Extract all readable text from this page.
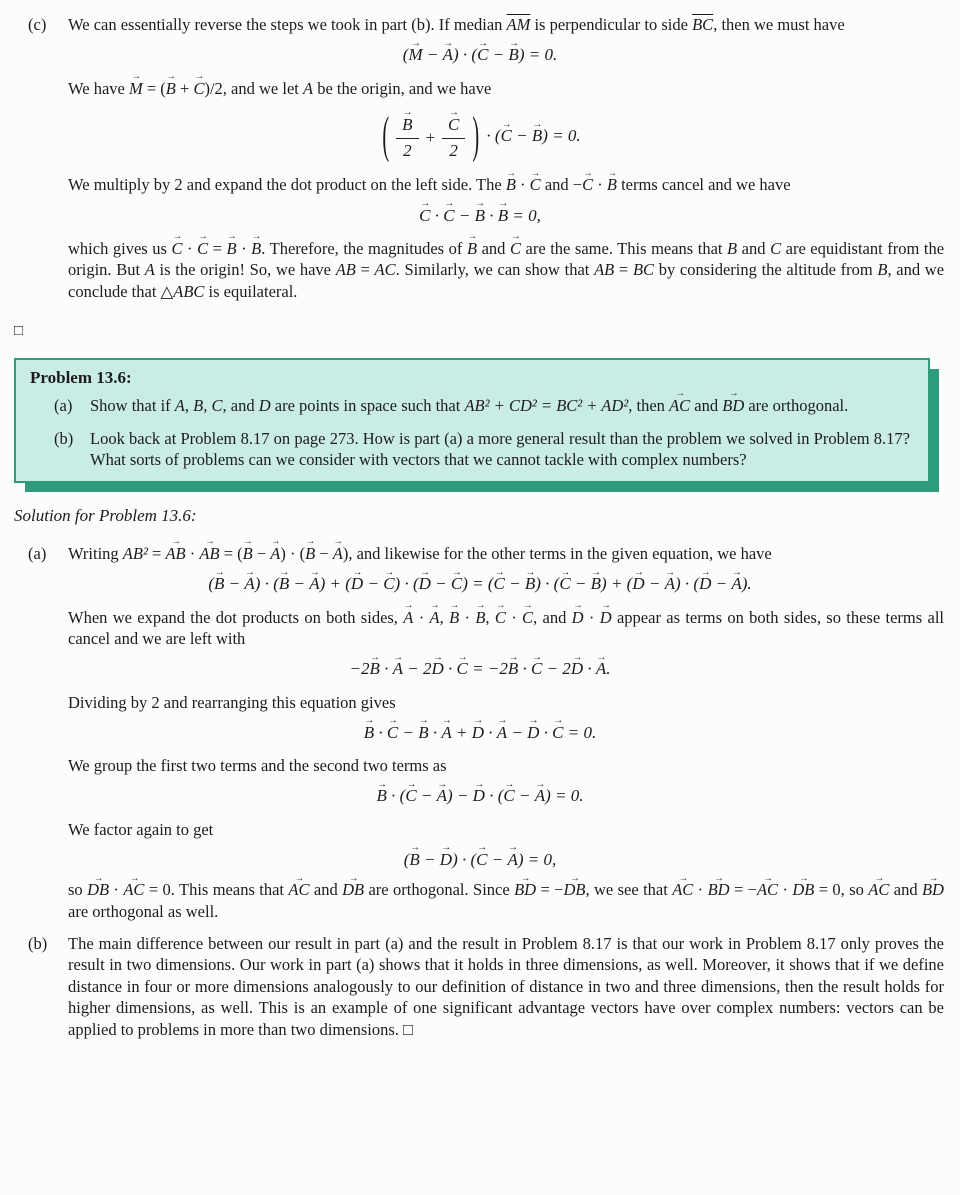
(c) We can essentially reverse the steps we took in part (b). If median $\overline{AM}$ is perpendicular to side $\overline{BC}$, then we must have
(M → − A →) · (C → − B →) = 0.
We have M → = (B → + C →)/2, and we let A be the origin, and we have
( $\frac{B \to}{2} + \frac{C \to}{2}$ ) · (C → − B →) = 0.
We multiply by 2 and expand the dot product on the left side. The B → · C → and −C → · B → terms cancel and we have
C → · C → − B → · B → = 0,
which gives us C → · C → = B → · B →. Therefore, the magnitudes of B → and C → are the same. This means that B and C are equidistant from the origin. But A is the origin! So, we have AB = AC. Similarly, we can show that AB = BC by considering the altitude from B, and we conclude that △ABC is equilateral.
□
Problem 13.6:
(a) Show that if A, B, C, and D are points in space such that AB² + CD² = BC² + AD², then AC → and BD → are orthogonal.
(b) Look back at Problem 8.17 on page 273. How is part (a) a more general result than the problem we solved in Problem 8.17? What sorts of problems can we consider with vectors that we cannot tackle with complex numbers?
Solution for Problem 13.6:
(a) Writing AB² = AB → · AB → = (B → − A →) · (B → − A →), and likewise for the other terms in the given equation, we have
(B → − A →) · (B → − A →) + (D → − C →) · (D → − C →) = (C → − B →) · (C → − B →) + (D → − A →) · (D → − A →).
When we expand the dot products on both sides, A → · A →, B → · B →, C → · C →, and D → · D → appear as terms on both sides, so these terms all cancel and we are left with
−2B → · A → − 2D → · C → = −2B → · C → − 2D → · A →.
Dividing by 2 and rearranging this equation gives
B → · C → − B → · A → + D → · A → − D → · C → = 0.
We group the first two terms and the second two terms as
B → · (C → − A →) − D → · (C → − A →) = 0.
We factor again to get
(B → − D →) · (C → − A →) = 0,
so DB → · AC → = 0. This means that AC → and DB → are orthogonal. Since BD → = −DB →, we see that AC → · BD → = −AC → · DB → = 0, so AC → and BD → are orthogonal as well.
(b) The main difference between our result in part (a) and the result in Problem 8.17 is that our work in Problem 8.17 only proves the result in two dimensions. Our work in part (a) shows that it holds in three dimensions, as well. Moreover, it shows that if we define distance in four or more dimensions analogously to our definition of distance in two and three dimensions, then the result holds for higher dimensions, as well. This is an example of one significant advantage vectors have over complex numbers: vectors can be applied to problems in more than two dimensions. □
